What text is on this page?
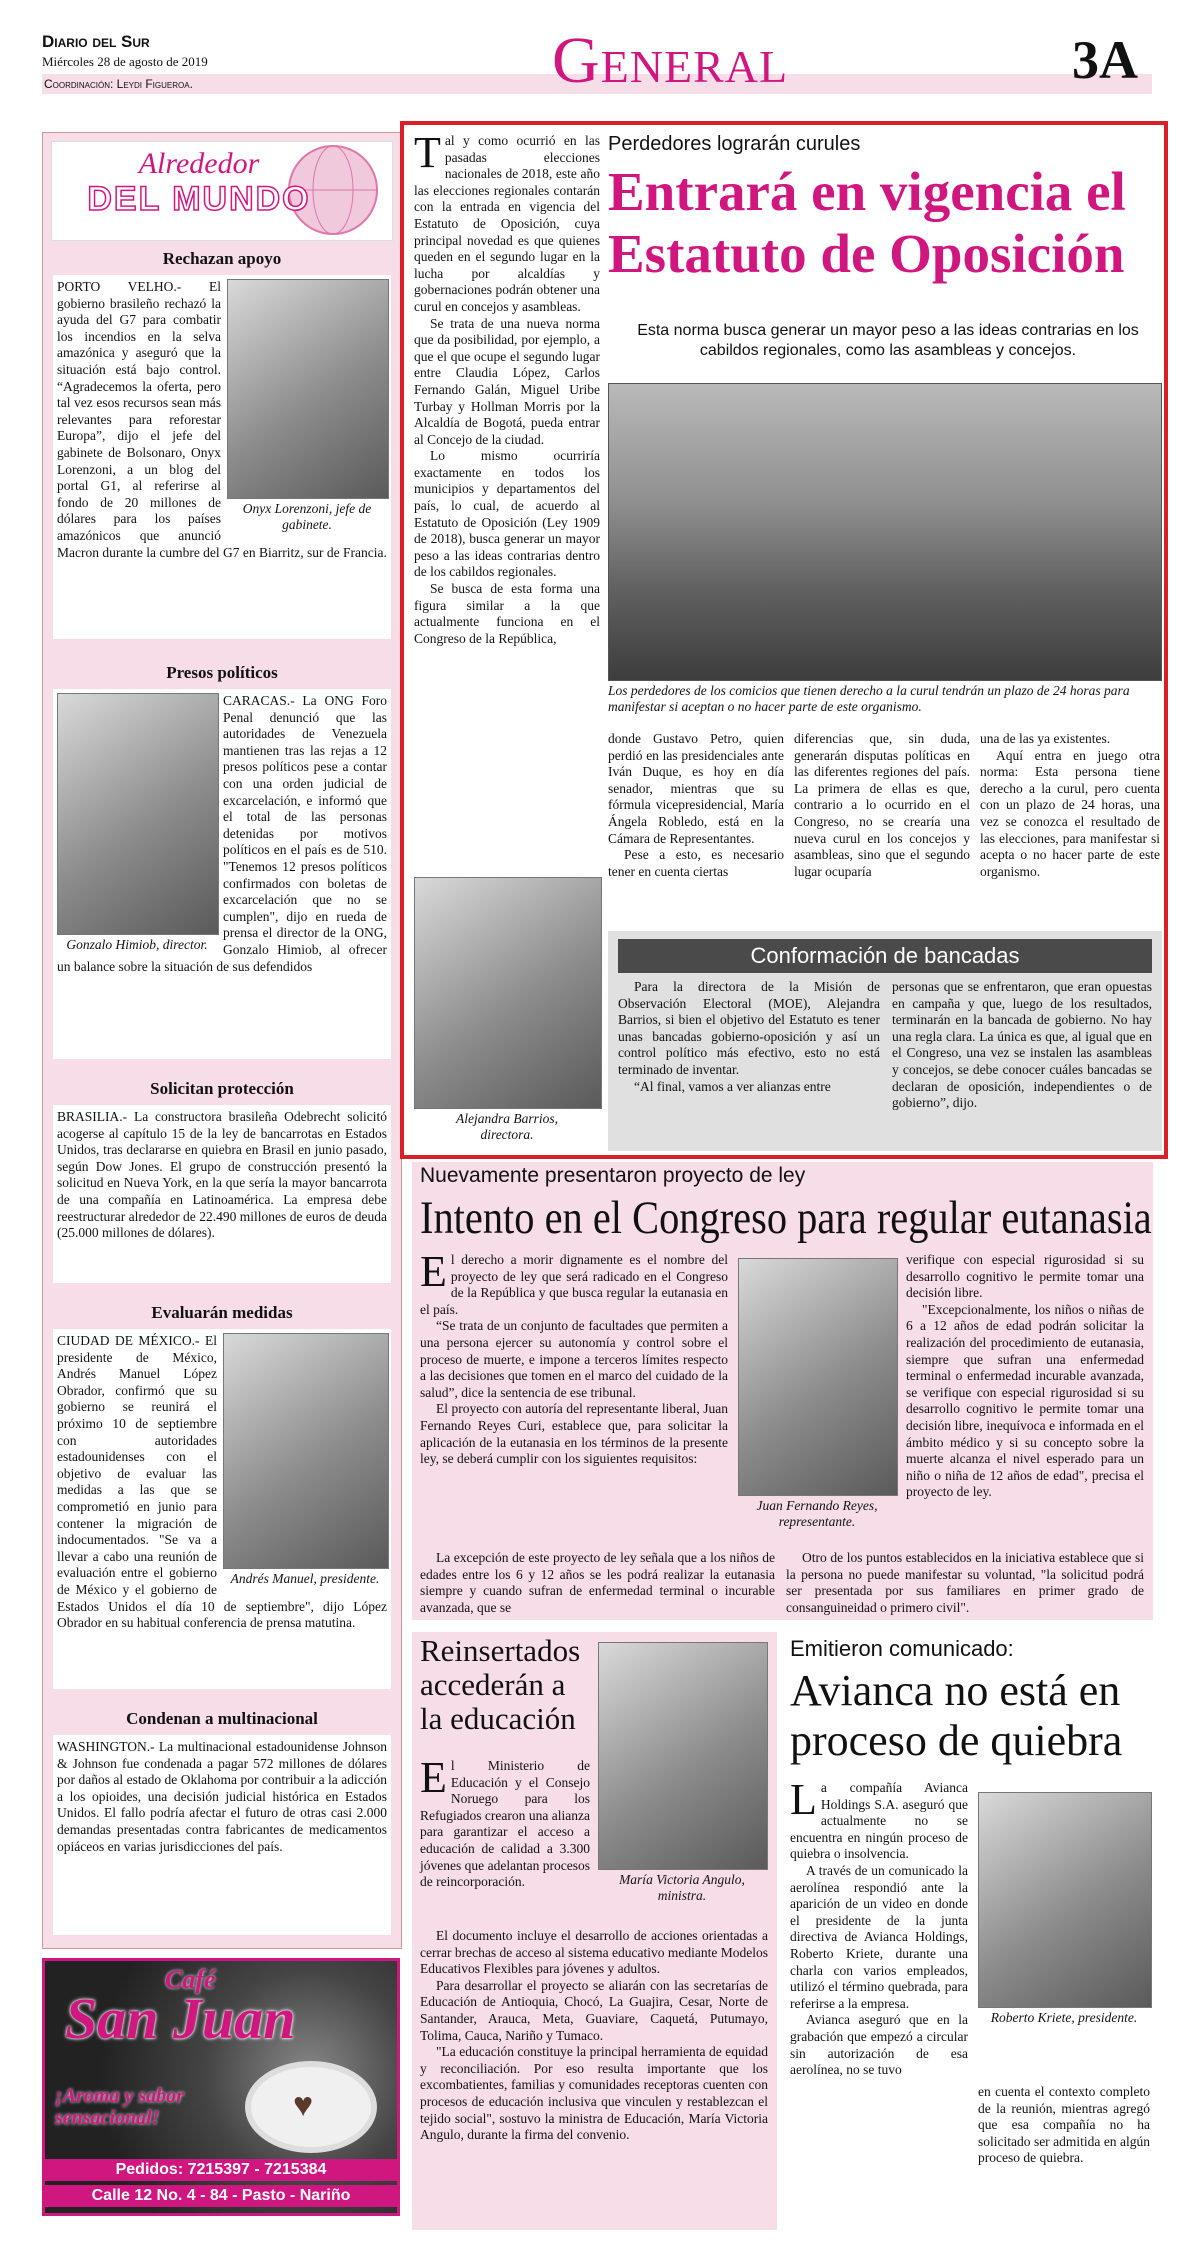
Diario del Sur
Miércoles 28 de agosto de 2019
Coordinación: Leydi Figueroa.	General	3A
Alrededor
DEL MUNDO
Rechazan apoyo
Onyx Lorenzoni, jefe de gabinete.
PORTO VELHO.- El gobierno brasileño rechazó la ayuda del G7 para combatir los incendios en la selva amazónica y aseguró que la situación está bajo control. “Agradecemos la oferta, pero tal vez esos recursos sean más relevantes para reforestar Europa”, dijo el jefe del gabinete de Bolsonaro, Onyx Lorenzoni, a un blog del portal G1, al referirse al fondo de 20 millones de dólares para los países amazónicos que anunció Macron durante la cumbre del G7 en Biarritz, sur de Francia.
Presos políticos
Gonzalo Himiob, director.
CARACAS.- La ONG Foro Penal denunció que las autoridades de Venezuela mantienen tras las rejas a 12 presos políticos pese a contar con una orden judicial de excarcelación, e informó que el total de las personas detenidas por motivos políticos en el país es de 510. "Tenemos 12 presos políticos confirmados con boletas de excarcelación que no se cumplen", dijo en rueda de prensa el director de la ONG, Gonzalo Himiob, al ofrecer un balance sobre la situación de sus defendidos
Solicitan protección
BRASILIA.- La constructora brasileña Odebrecht solicitó acogerse al capítulo 15 de la ley de bancarrotas en Estados Unidos, tras declararse en quiebra en Brasil en junio pasado, según Dow Jones. El grupo de construcción presentó la solicitud en Nueva York, en la que sería la mayor bancarrota de una compañía en Latinoamérica. La empresa debe reestructurar alrededor de 22.490 millones de euros de deuda (25.000 millones de dólares).
Evaluarán medidas
Andrés Manuel, presidente.
CIUDAD DE MÉXICO.- El presidente de México, Andrés Manuel López Obrador, confirmó que su gobierno se reunirá el próximo 10 de septiembre con autoridades estadounidenses con el objetivo de evaluar las medidas a las que se comprometió en junio para contener la migración de indocumentados. "Se va a llevar a cabo una reunión de evaluación entre el gobierno de México y el gobierno de Estados Unidos el día 10 de septiembre", dijo López Obrador en su habitual conferencia de prensa matutina.
Condenan a multinacional
WASHINGTON.- La multinacional estadounidense Johnson & Johnson fue condenada a pagar 572 millones de dólares por daños al estado de Oklahoma por contribuir a la adicción a los opioides, una decisión judicial histórica en Estados Unidos. El fallo podría afectar el futuro de otras casi 2.000 demandas presentadas contra fabricantes de medicamentos opiáceos en varias jurisdicciones del país.
Café
San Juan
♥
¡Aroma y sabor sensacional!
Pedidos: 7215397 - 7215384
Calle 12 No. 4 - 84 - Pasto - Nariño

Tal y como ocurrió en las pasadas elecciones nacionales de 2018, este año las elecciones regionales contarán con la entrada en vigencia del Estatuto de Oposición, cuya principal novedad es que quienes queden en el segundo lugar en la lucha por alcaldías y gobernaciones podrán obtener una curul en concejos y asambleas.

Se trata de una nueva norma que da posibilidad, por ejemplo, a que el que ocupe el segundo lugar entre Claudia López, Carlos Fernando Galán, Miguel Uribe Turbay y Hollman Morris por la Alcaldía de Bogotá, pueda entrar al Concejo de la ciudad.

Lo mismo ocurriría exactamente en todos los municipios y departamentos del país, lo cual, de acuerdo al Estatuto de Oposición (Ley 1909 de 2018), busca generar un mayor peso a las ideas contrarias dentro de los cabildos regionales.

Se busca de esta forma una figura similar a la que actualmente funciona en el Congreso de la República,

Alejandra Barrios, directora.
Perdedores lograrán curules
Entrará en vigencia el Estatuto de Oposición
Esta norma busca generar un mayor peso a las ideas contrarias en los cabildos regionales, como las asambleas y concejos.
Los perdedores de los comicios que tienen derecho a la curul tendrán un plazo de 24 horas para manifestar si aceptan o no hacer parte de este organismo.

donde Gustavo Petro, quien perdió en las presidenciales ante Iván Duque, es hoy en día senador, mientras que su fórmula vicepresidencial, María Ángela Robledo, está en la Cámara de Representantes.

Pese a esto, es necesario tener en cuenta ciertas

diferencias que, sin duda, generarán disputas políticas en las diferentes regiones del país. La primera de ellas es que, contrario a lo ocurrido en el Congreso, no se crearía una nueva curul en los concejos y asambleas, sino que el segundo lugar ocuparía

una de las ya existentes.

Aquí entra en juego otra norma: Esta persona tiene derecho a la curul, pero cuenta con un plazo de 24 horas, una vez se conozca el resultado de las elecciones, para manifestar si acepta o no hacer parte de este organismo.

Conformación de bancadas

Para la directora de la Misión de Observación Electoral (MOE), Alejandra Barrios, si bien el objetivo del Estatuto es tener unas bancadas gobierno-oposición y así un control político más efectivo, esto no está terminado de inventar.

“Al final, vamos a ver alianzas entre

personas que se enfrentaron, que eran opuestas en campaña y que, luego de los resultados, terminarán en la bancada de gobierno. No hay una regla clara. La única es que, al igual que en el Congreso, una vez se instalen las asambleas y concejos, se debe conocer cuáles bancadas se declaran de oposición, independientes o de gobierno”, dijo.

Nuevamente presentaron proyecto de ley
Intento en el Congreso para regular eutanasia

El derecho a morir dignamente es el nombre del proyecto de ley que será radicado en el Congreso de la República y que busca regular la eutanasia en el país.

“Se trata de un conjunto de facultades que permiten a una persona ejercer su autonomía y control sobre el proceso de muerte, e impone a terceros límites respecto a las decisiones que tomen en el marco del cuidado de la salud”, dice la sentencia de ese tribunal.

El proyecto con autoría del representante liberal, Juan Fernando Reyes Curi, establece que, para solicitar la aplicación de la eutanasia en los términos de la presente ley, se deberá cumplir con los siguientes requisitos:

Juan Fernando Reyes, representante.

verifique con especial rigurosidad si su desarrollo cognitivo le permite tomar una decisión libre.

"Excepcionalmente, los niños o niñas de 6 a 12 años de edad podrán solicitar la realización del procedimiento de eutanasia, siempre que sufran una enfermedad terminal o enfermedad incurable avanzada, se verifique con especial rigurosidad si su desarrollo cognitivo le permite tomar una decisión libre, inequívoca e informada en el ámbito médico y si su concepto sobre la muerte alcanza el nivel esperado para un niño o niña de 12 años de edad", precisa el proyecto de ley.

La excepción de este proyecto de ley señala que a los niños de edades entre los 6 y 12 años se les podrá realizar la eutanasia siempre y cuando sufran de enfermedad terminal o incurable avanzada, que se

Otro de los puntos establecidos en la iniciativa establece que si la persona no puede manifestar su voluntad, "la solicitud podrá ser presentada por sus familiares en primer grado de consanguineidad o primero civil".

Reinsertados accederán a la educación
María Victoria Angulo, ministra.

El Ministerio de Educación y el Consejo Noruego para los Refugiados crearon una alianza para garantizar el acceso a educación de calidad a 3.300 jóvenes que adelantan procesos de reincorporación.

El documento incluye el desarrollo de acciones orientadas a cerrar brechas de acceso al sistema educativo mediante Modelos Educativos Flexibles para jóvenes y adultos.

Para desarrollar el proyecto se aliarán con las secretarías de Educación de Antioquia, Chocó, La Guajira, Cesar, Norte de Santander, Arauca, Meta, Guaviare, Caquetá, Putumayo, Tolima, Cauca, Nariño y Tumaco.

"La educación constituye la principal herramienta de equidad y reconciliación. Por eso resulta importante que los excombatientes, familias y comunidades receptoras cuenten con procesos de educación inclusiva que vinculen y restablezcan el tejido social", sostuvo la ministra de Educación, María Victoria Angulo, durante la firma del convenio.

Emitieron comunicado:
Avianca no está en proceso de quiebra

La compañía Avianca Holdings S.A. aseguró que actualmente no se encuentra en ningún proceso de quiebra o insolvencia.

A través de un comunicado la aerolínea respondió ante la aparición de un video en donde el presidente de la junta directiva de Avianca Holdings, Roberto Kriete, durante una charla con varios empleados, utilizó el término quebrada, para referirse a la empresa.

Avianca aseguró que en la grabación que empezó a circular sin autorización de esa aerolínea, no se tuvo

Roberto Kriete, presidente.

en cuenta el contexto completo de la reunión, mientras agregó que esa compañía no ha solicitado ser admitida en algún proceso de quiebra.
